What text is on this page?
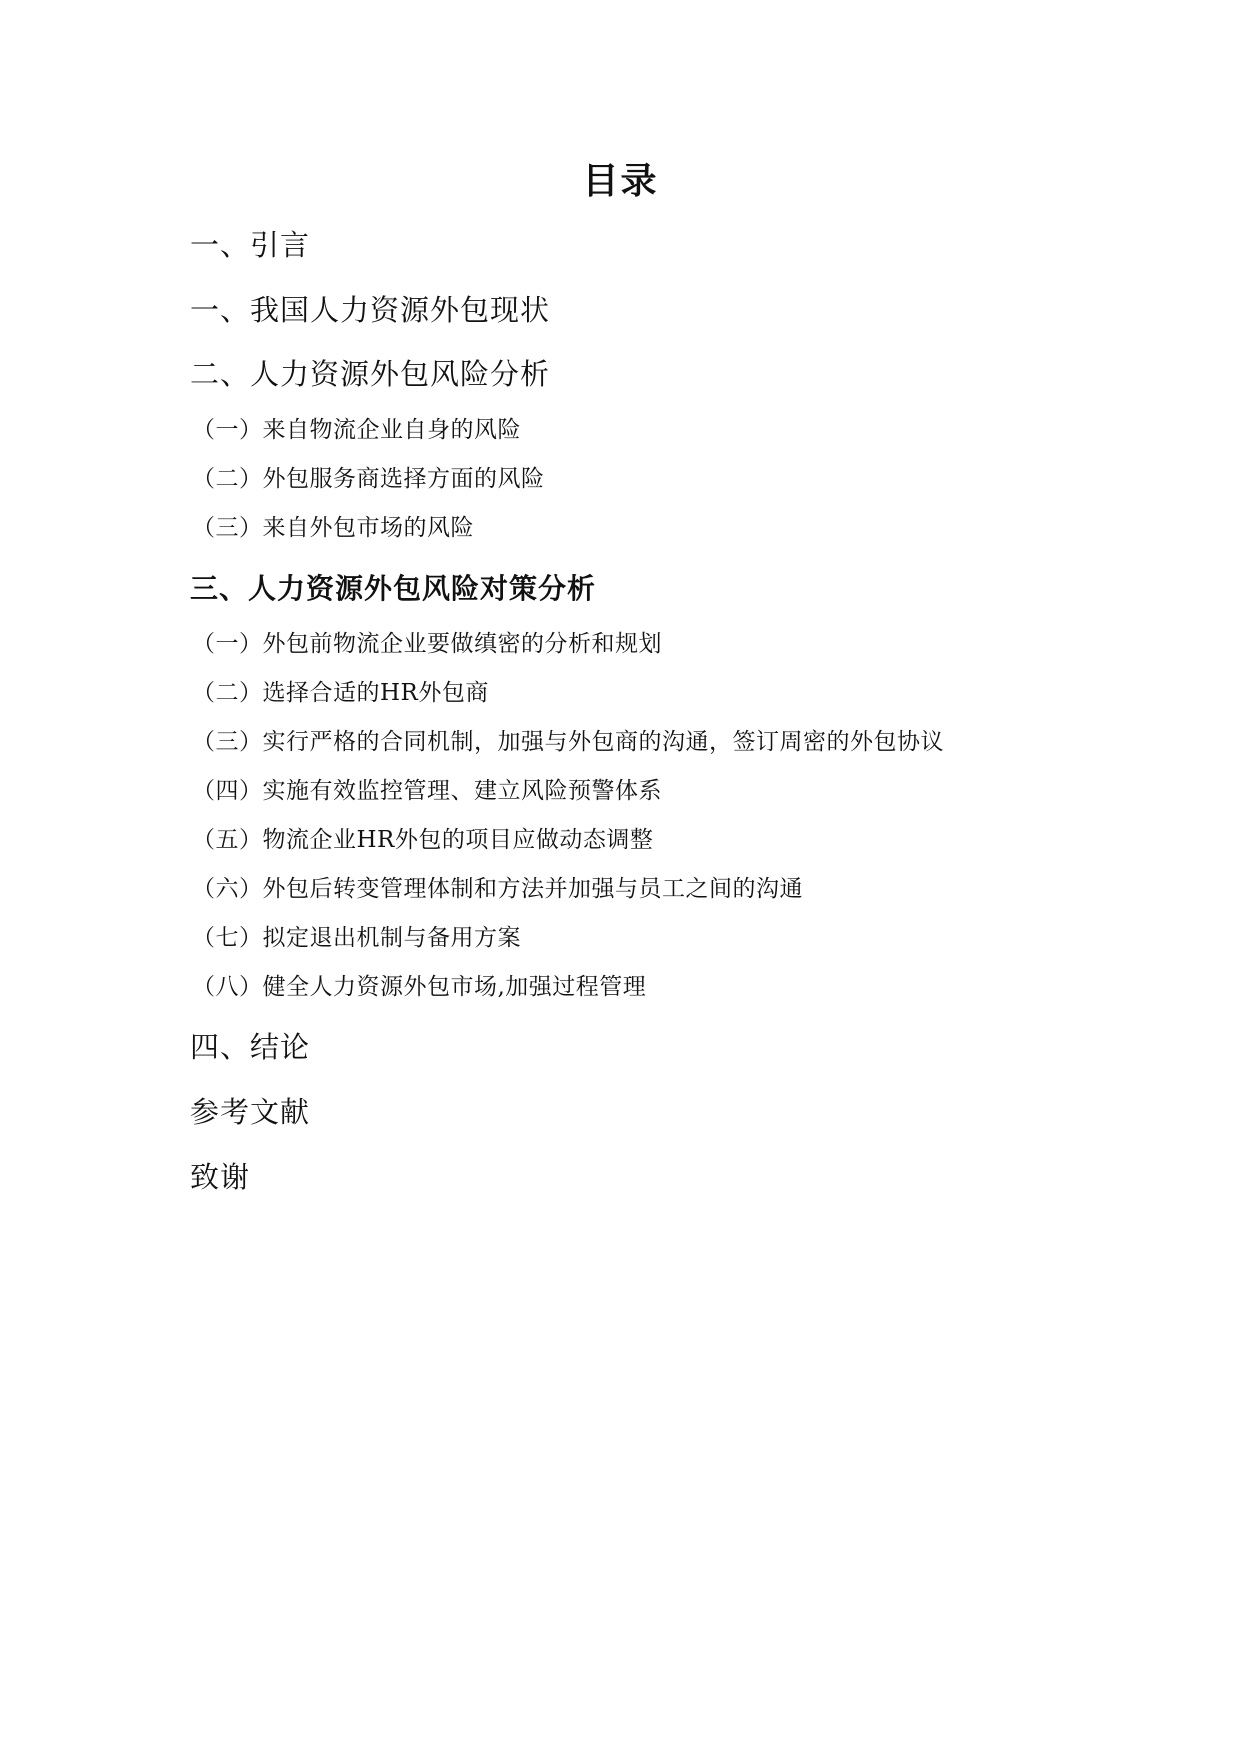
目录
一、引言
一、我国人力资源外包现状
二、人力资源外包风险分析
（一）来自物流企业自身的风险
（二）外包服务商选择方面的风险
（三）来自外包市场的风险
三、人力资源外包风险对策分析
（一）外包前物流企业要做缜密的分析和规划
（二）选择合适的HR外包商
（三）实行严格的合同机制，加强与外包商的沟通，签订周密的外包协议
（四）实施有效监控管理、建立风险预警体系
（五）物流企业HR外包的项目应做动态调整
（六）外包后转变管理体制和方法并加强与员工之间的沟通
（七）拟定退出机制与备用方案
（八）健全人力资源外包市场,加强过程管理
四、结论
参考文献
致谢
